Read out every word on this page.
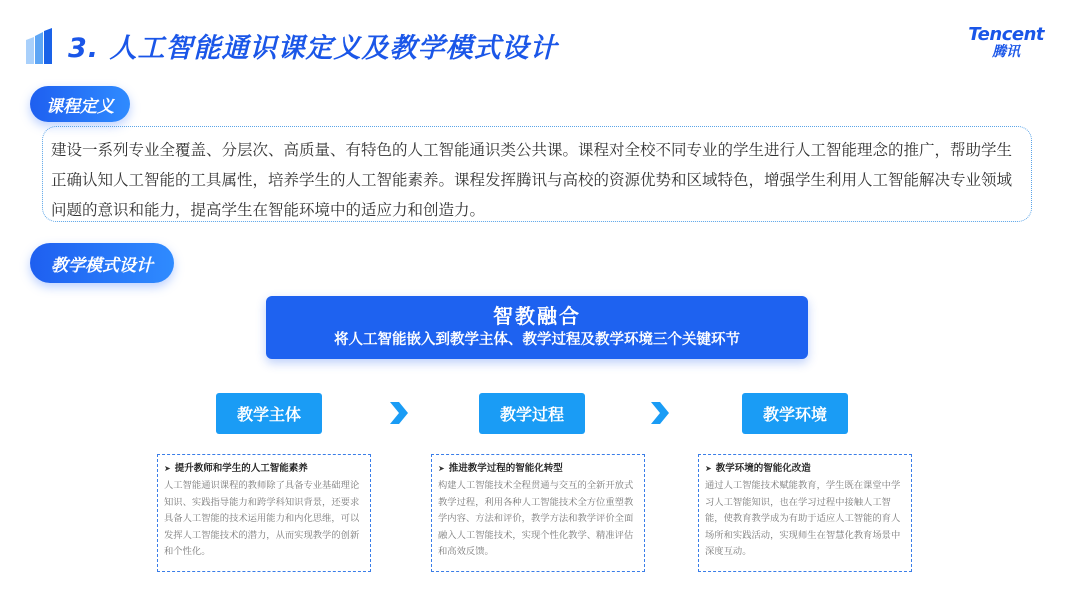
3. 人工智能通识课定义及教学模式设计	Tencent
腾讯
课程定义
建设一系列专业全覆盖、分层次、高质量、有特色的人工智能通识类公共课。课程对全校不同专业的学生进行人工智能理念的推广，帮助学生正确认知人工智能的工具属性，培养学生的人工智能素养。课程发挥腾讯与高校的资源优势和区域特色，增强学生利用人工智能解决专业领域问题的意识和能力，提高学生在智能环境中的适应力和创造力。
教学模式设计
智教融合
将人工智能嵌入到教学主体、教学过程及教学环境三个关键环节
教学主体	教学过程	教学环境
➤ 提升教师和学生的人工智能素养
人工智能通识课程的教师除了具备专业基础理论知识、实践指导能力和跨学科知识背景，还要求具备人工智能的技术运用能力和内化思维，可以发挥人工智能技术的潜力，从而实现教学的创新和个性化。
➤ 推进教学过程的智能化转型
构建人工智能技术全程贯通与交互的全新开放式教学过程，利用各种人工智能技术全方位重塑教学内容、方法和评价，教学方法和教学评价全面融入人工智能技术，实现个性化教学、精准评估和高效反馈。
➤ 教学环境的智能化改造
通过人工智能技术赋能教育，学生既在课堂中学习人工智能知识，也在学习过程中接触人工智能，使教育教学成为有助于适应人工智能的育人场所和实践活动，实现师生在智慧化教育场景中深度互动。
